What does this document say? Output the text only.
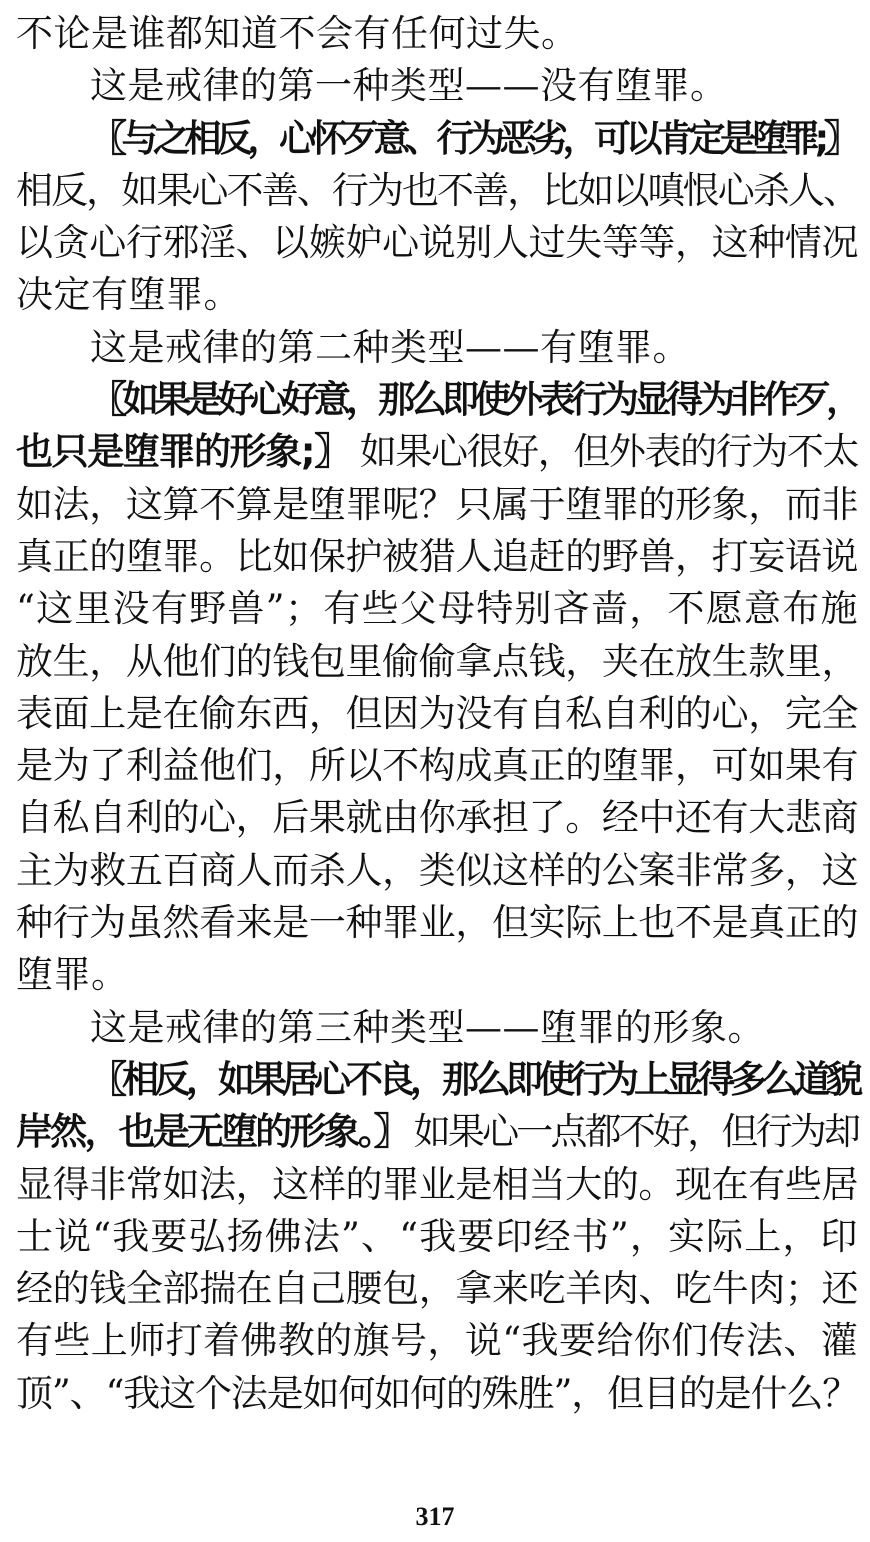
不论是谁都知道不会有任何过失。
这是戒律的第一种类型——没有堕罪。
〖与之相反，心怀歹意、行为恶劣，可以肯定是堕罪;〗
相反，如果心不善、行为也不善，比如以嗔恨心杀人、
以贪心行邪淫、以嫉妒心说别人过失等等，这种情况
决定有堕罪。
这是戒律的第二种类型——有堕罪。
〖如果是好心好意，那么即使外表行为显得为非作歹，
也只是堕罪的形象;〗 如果心很好，但外表的行为不太
如法，这算不算是堕罪呢？只属于堕罪的形象，而非
真正的堕罪。比如保护被猎人追赶的野兽，打妄语说
“这里没有野兽”；有些父母特别吝啬，不愿意布施
放生，从他们的钱包里偷偷拿点钱，夹在放生款里，
表面上是在偷东西，但因为没有自私自利的心，完全
是为了利益他们，所以不构成真正的堕罪，可如果有
自私自利的心，后果就由你承担了。经中还有大悲商
主为救五百商人而杀人，类似这样的公案非常多，这
种行为虽然看来是一种罪业，但实际上也不是真正的
堕罪。
这是戒律的第三种类型——堕罪的形象。
〖相反，如果居心不良，那么即使行为上显得多么道貌
岸然，也是无堕的形象。〗 如果心一点都不好，但行为却
显得非常如法，这样的罪业是相当大的。现在有些居
士说“我要弘扬佛法”、“我要印经书”，实际上，印
经的钱全部揣在自己腰包，拿来吃羊肉、吃牛肉；还
有些上师打着佛教的旗号，说“我要给你们传法、灌
顶”、“我这个法是如何如何的殊胜”，但目的是什么？
317
